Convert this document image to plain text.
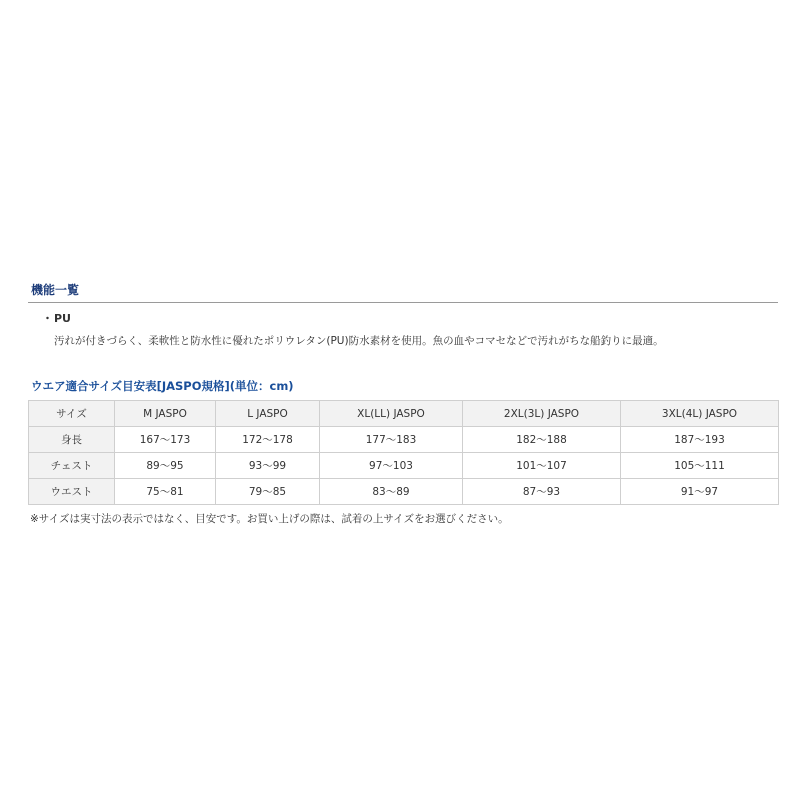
機能一覧
・PU
汚れが付きづらく、柔軟性と防水性に優れたポリウレタン(PU)防水素材を使用。魚の血やコマセなどで汚れがちな船釣りに最適。
ウエア適合サイズ目安表[JASPO規格](単位：cm)
サイズ	M JASPO	L JASPO	XL(LL) JASPO	2XL(3L) JASPO	3XL(4L) JASPO
身長	167〜173	172〜178	177〜183	182〜188	187〜193
チェスト	89〜95	93〜99	97〜103	101〜107	105〜111
ウエスト	75〜81	79〜85	83〜89	87〜93	91〜97
※サイズは実寸法の表示ではなく、目安です。お買い上げの際は、試着の上サイズをお選びください。
